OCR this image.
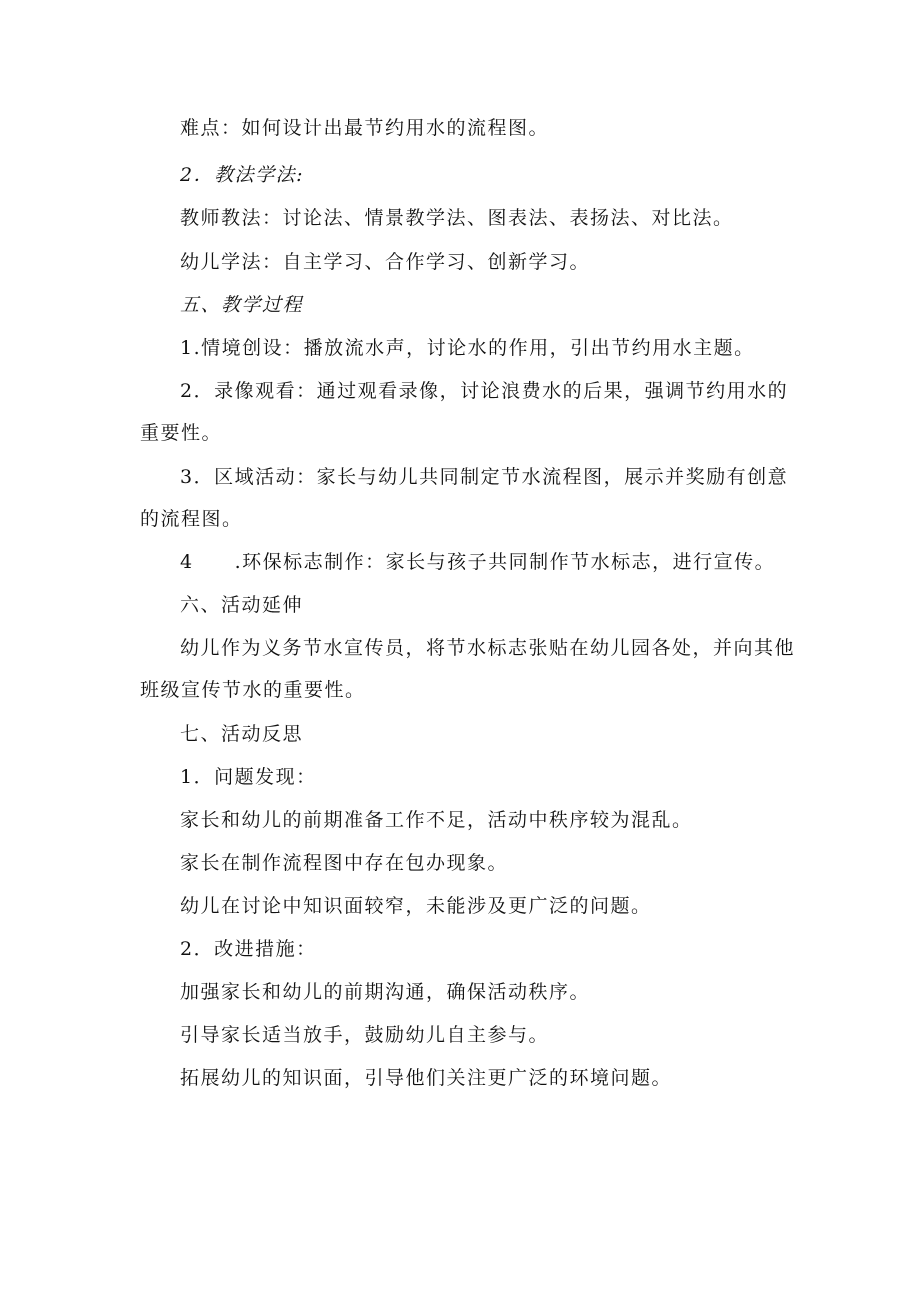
难点：如何设计出最节约用水的流程图。
2．教法学法:
教师教法：讨论法、情景教学法、图表法、表扬法、对比法。
幼儿学法：自主学习、合作学习、创新学习。
五、教学过程
1.情境创设：播放流水声，讨论水的作用，引出节约用水主题。
2．录像观看：通过观看录像，讨论浪费水的后果，强调节约用水的
重要性。
3．区域活动：家长与幼儿共同制定节水流程图，展示并奖励有创意
的流程图。
4　　.环保标志制作：家长与孩子共同制作节水标志，进行宣传。
六、活动延伸
幼儿作为义务节水宣传员，将节水标志张贴在幼儿园各处，并向其他
班级宣传节水的重要性。
七、活动反思
1．问题发现：
家长和幼儿的前期准备工作不足，活动中秩序较为混乱。
家长在制作流程图中存在包办现象。
幼儿在讨论中知识面较窄，未能涉及更广泛的问题。
2．改进措施：
加强家长和幼儿的前期沟通，确保活动秩序。
引导家长适当放手，鼓励幼儿自主参与。
拓展幼儿的知识面，引导他们关注更广泛的环境问题。
